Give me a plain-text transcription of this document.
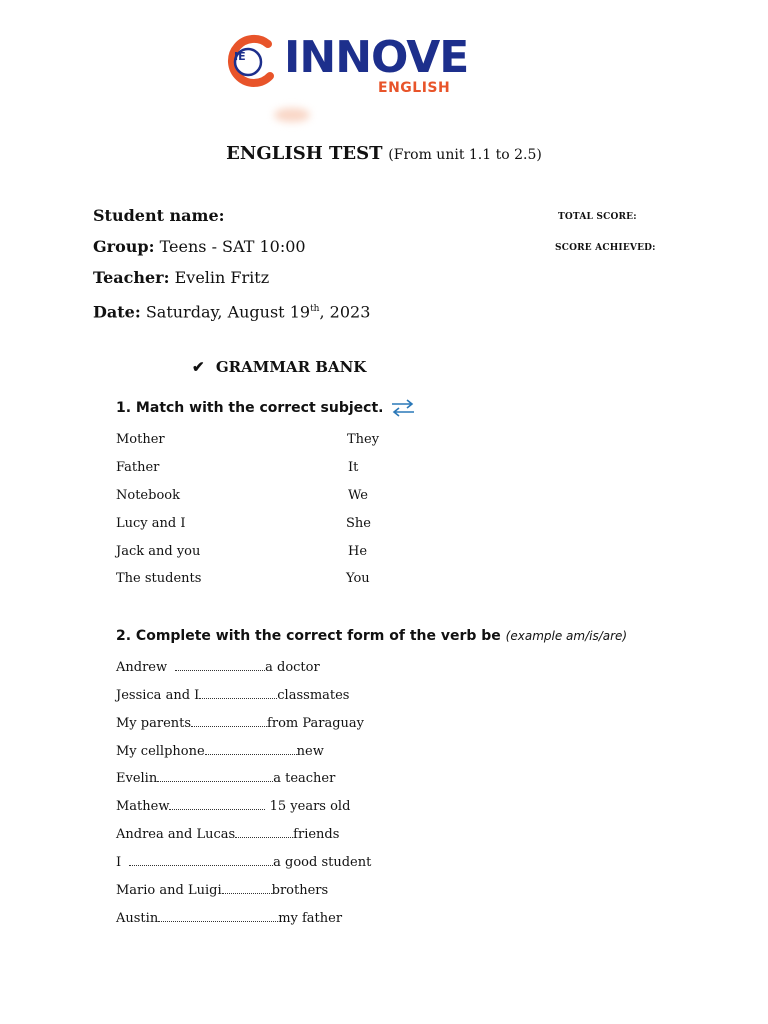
IE INNOVE
ENGLISH
ENGLISH TEST (From unit 1.1 to 2.5)
Student name:
Group: Teens - SAT 10:00
Teacher: Evelin Fritz
Date: Saturday, August 19th, 2023
TOTAL SCORE:
SCORE ACHIEVED:
✔ GRAMMAR BANK
1. Match with the correct subject.
Mother	They
Father	It
Notebook	We
Lucy and I	She
Jack and you	He
The students	You
2. Complete with the correct form of the verb be (example am/is/are)
Andrew	a doctor
Jessica and I	classmates
My parents	from Paraguay
My cellphone	new
Evelin	a teacher
Mathew	15 years old
Andrea and Lucas	friends
I	a good student
Mario and Luigi	brothers
Austin	my father
